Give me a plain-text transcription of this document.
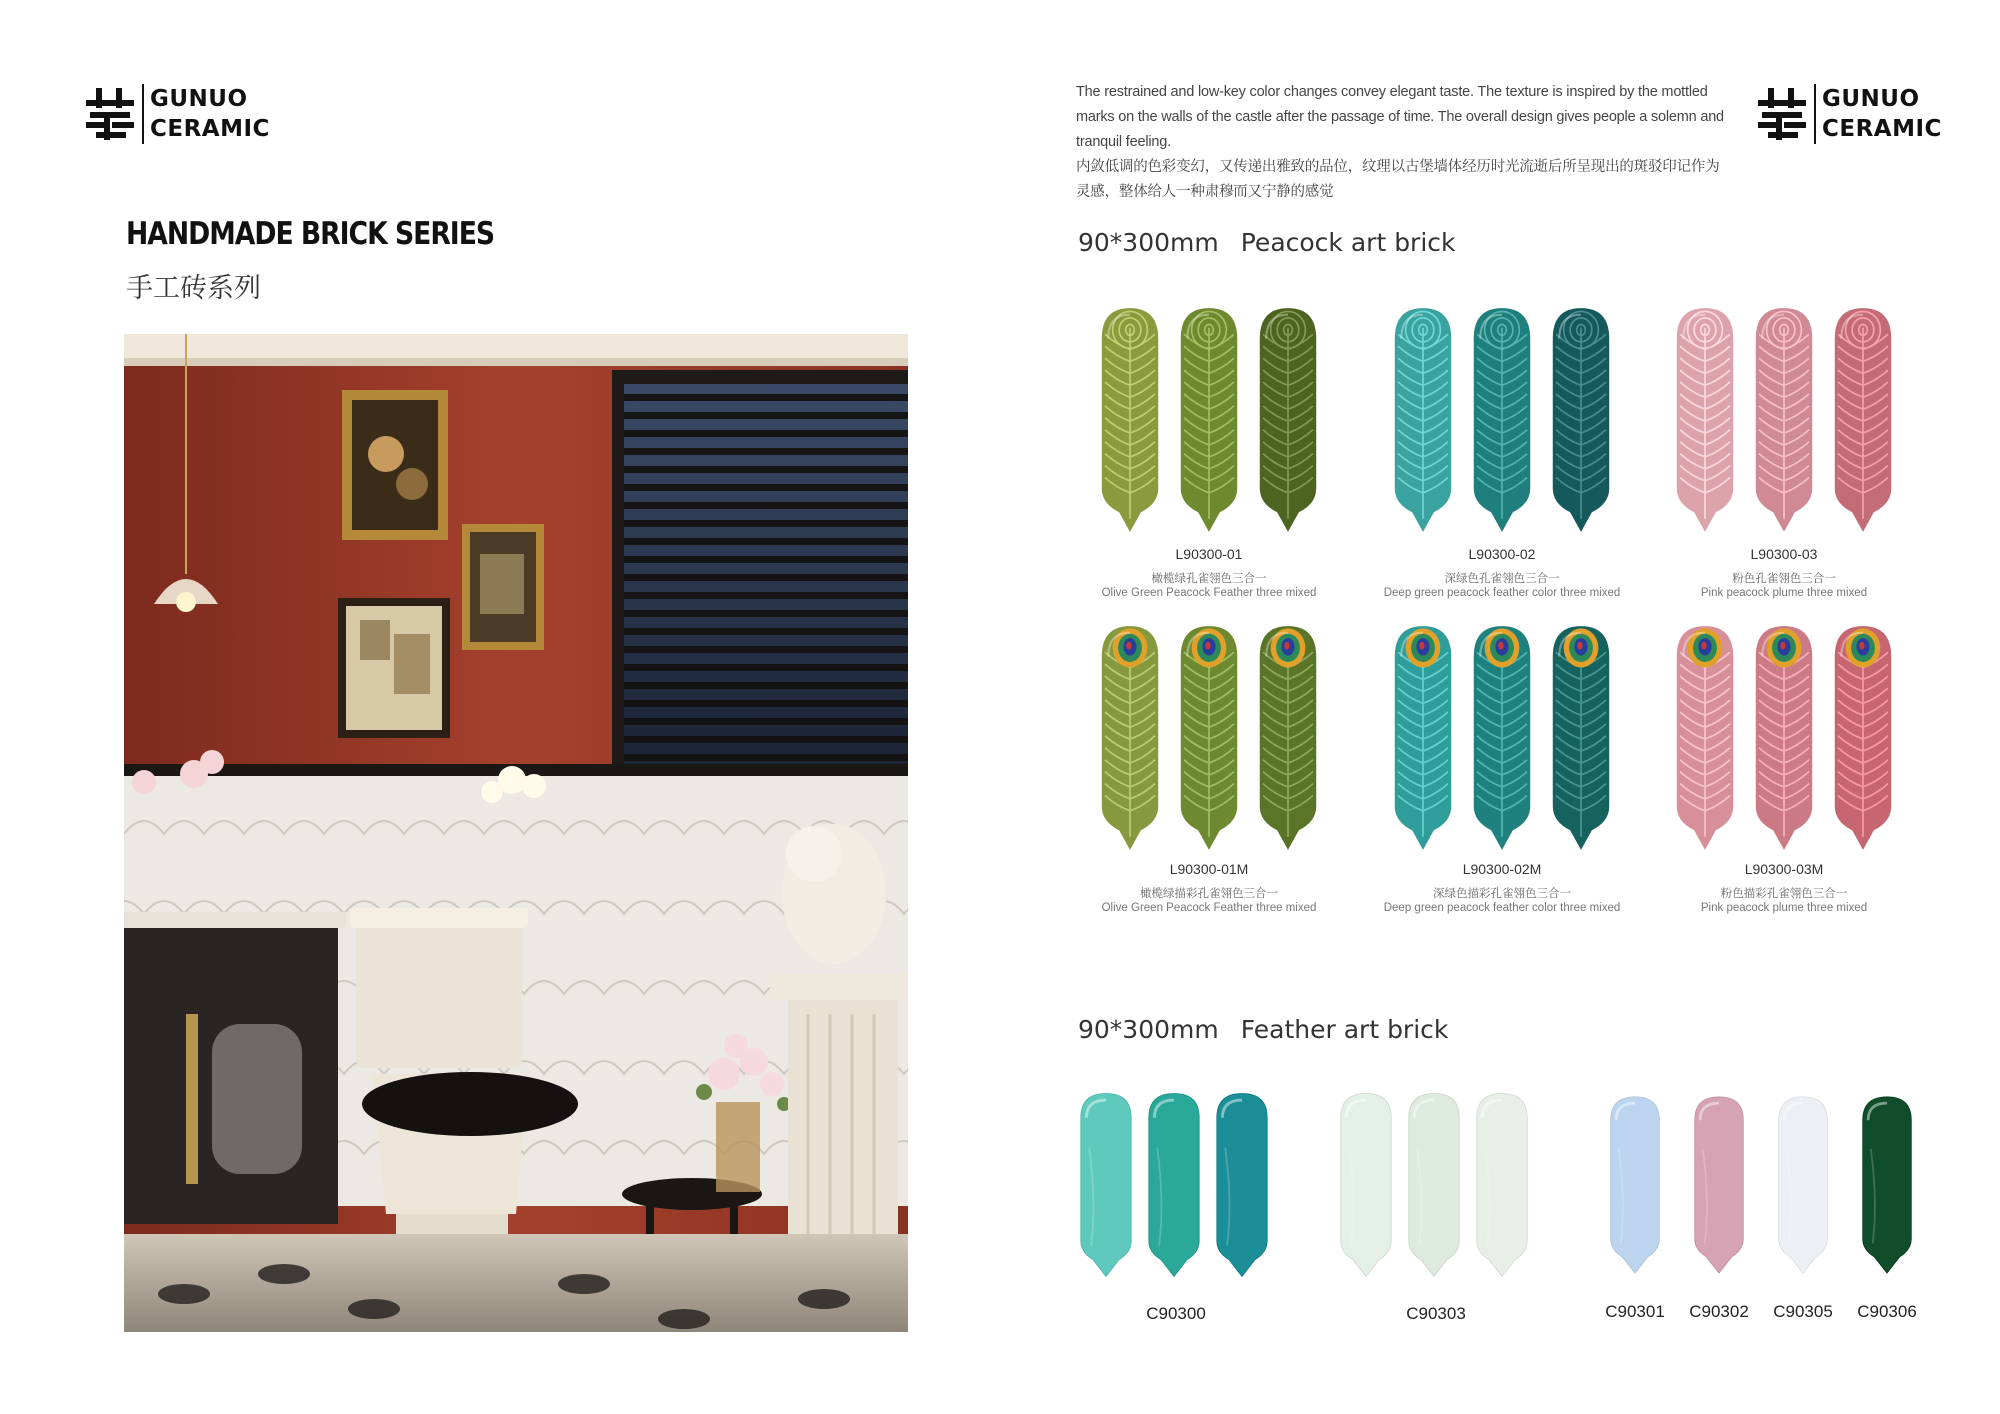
GUNUO
CERAMIC
GUNUO
CERAMIC
HANDMADE BRICK SERIES
手工砖系列

The restrained and low-key color changes convey elegant taste. The texture is inspired by the mottled marks on the walls of the castle after the passage of time. The overall design gives people a solemn and tranquil feeling.

内敛低调的色彩变幻，又传递出雅致的品位，纹理以古堡墙体经历时光流逝后所呈现出的斑驳印记作为灵感，整体给人一种肃穆而又宁静的感觉

90*300mm Peacock art brick
L90300-01
橄榄绿孔雀翎色三合一
Olive Green Peacock Feather three mixed
L90300-02
深绿色孔雀翎色三合一
Deep green peacock feather color three mixed
L90300-03
粉色孔雀翎色三合一
Pink peacock plume three mixed
L90300-01M
橄榄绿描彩孔雀翎色三合一
Olive Green Peacock Feather three mixed
L90300-02M
深绿色描彩孔雀翎色三合一
Deep green peacock feather color three mixed
L90300-03M
粉色描彩孔雀翎色三合一
Pink peacock plume three mixed
90*300mm Feather art brick
C90300	C90303	C90301	C90302	C90305	C90306
